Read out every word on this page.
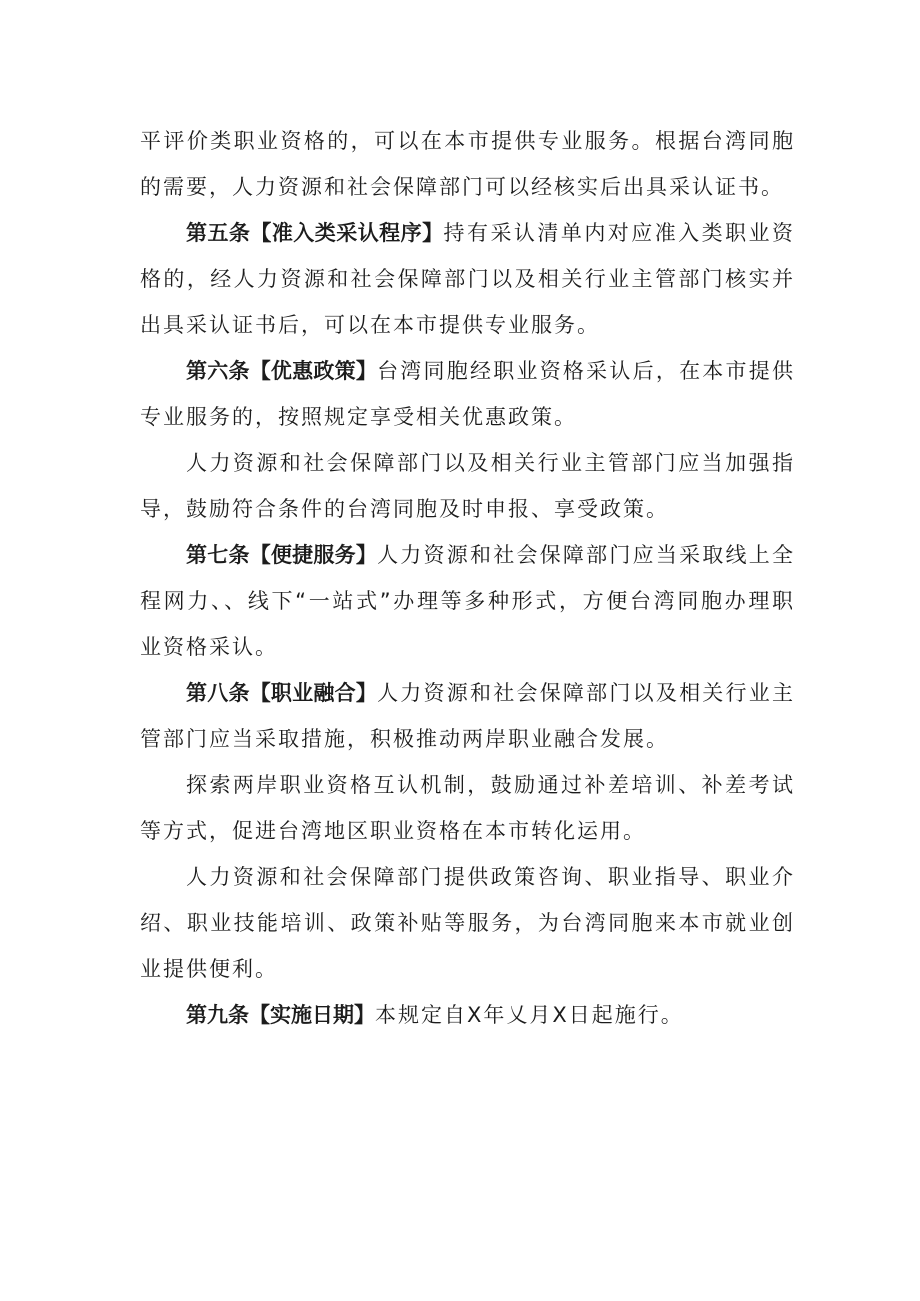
平评价类职业资格的，可以在本市提供专业服务。根据台湾同胞的需要，人力资源和社会保障部门可以经核实后出具采认证书。

第五条【准入类采认程序】持有采认清单内对应准入类职业资格的，经人力资源和社会保障部门以及相关行业主管部门核实并出具采认证书后，可以在本市提供专业服务。

第六条【优惠政策】台湾同胞经职业资格采认后，在本市提供专业服务的，按照规定享受相关优惠政策。

人力资源和社会保障部门以及相关行业主管部门应当加强指导，鼓励符合条件的台湾同胞及时申报、享受政策。

第七条【便捷服务】人力资源和社会保障部门应当采取线上全程网力、、线下“一站式”办理等多种形式，方便台湾同胞办理职业资格采认。

第八条【职业融合】人力资源和社会保障部门以及相关行业主管部门应当采取措施，积极推动两岸职业融合发展。

探索两岸职业资格互认机制，鼓励通过补差培训、补差考试等方式，促进台湾地区职业资格在本市转化运用。

人力资源和社会保障部门提供政策咨询、职业指导、职业介绍、职业技能培训、政策补贴等服务，为台湾同胞来本市就业创业提供便利。

第九条【实施日期】本规定自X年乂月X日起施行。
